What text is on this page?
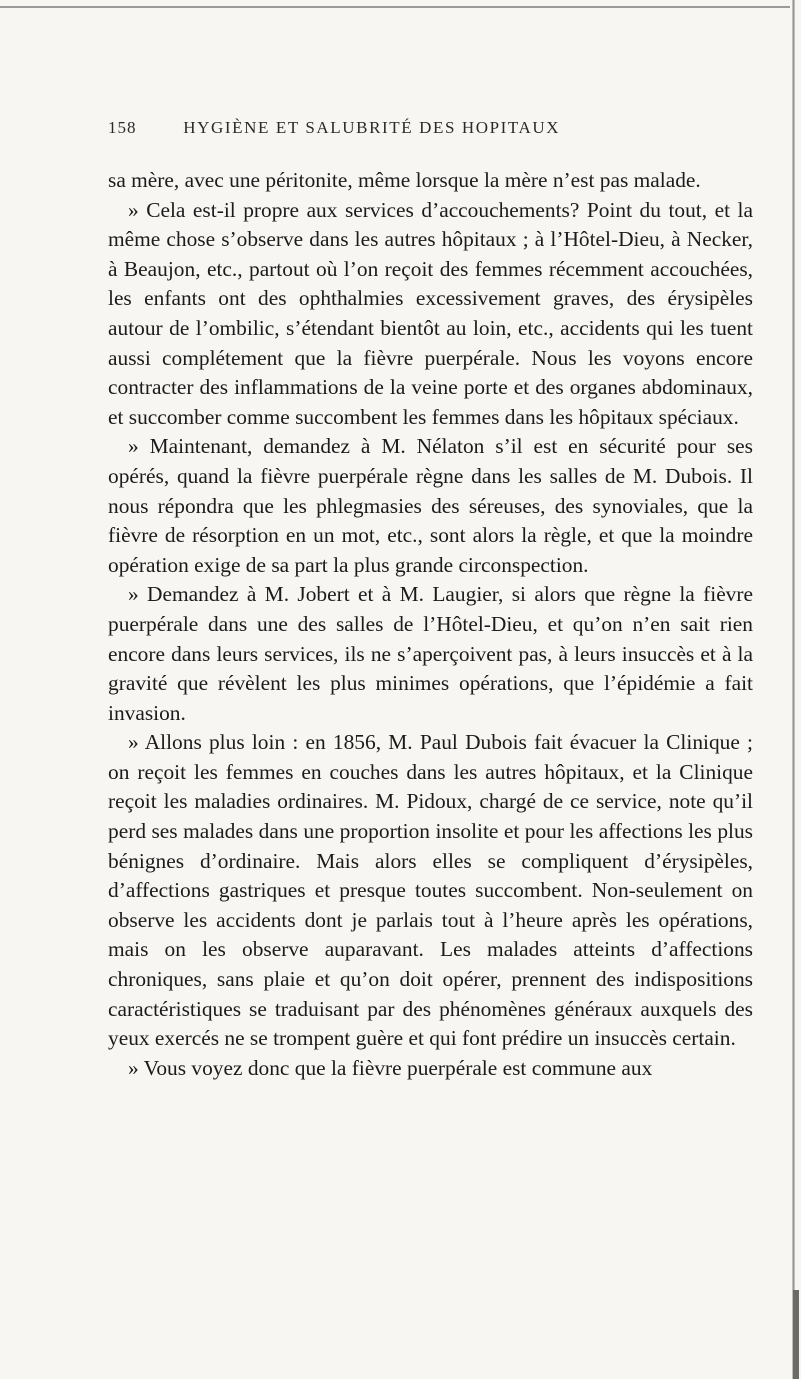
158	HYGIÈNE ET SALUBRITÉ DES HOPITAUX

sa mère, avec une péritonite, même lorsque la mère n’est pas malade.

» Cela est-il propre aux services d’accouchements? Point du tout, et la même chose s’observe dans les autres hôpitaux ; à l’Hôtel-Dieu, à Necker, à Beaujon, etc., partout où l’on reçoit des femmes récemment accouchées, les enfants ont des ophthalmies excessivement graves, des érysipèles autour de l’ombilic, s’étendant bientôt au loin, etc., accidents qui les tuent aussi complétement que la fièvre puerpérale. Nous les voyons encore contracter des inflammations de la veine porte et des organes abdominaux, et succomber comme succombent les femmes dans les hôpitaux spéciaux.

» Maintenant, demandez à M. Nélaton s’il est en sécurité pour ses opérés, quand la fièvre puerpérale règne dans les salles de M. Dubois. Il nous répondra que les phlegmasies des séreuses, des synoviales, que la fièvre de résorption en un mot, etc., sont alors la règle, et que la moindre opération exige de sa part la plus grande circonspection.

» Demandez à M. Jobert et à M. Laugier, si alors que règne la fièvre puerpérale dans une des salles de l’Hôtel-Dieu, et qu’on n’en sait rien encore dans leurs services, ils ne s’aperçoivent pas, à leurs insuccès et à la gravité que révèlent les plus minimes opérations, que l’épidémie a fait invasion.

» Allons plus loin : en 1856, M. Paul Dubois fait évacuer la Clinique ; on reçoit les femmes en couches dans les autres hôpitaux, et la Clinique reçoit les maladies ordinaires. M. Pidoux, chargé de ce service, note qu’il perd ses malades dans une proportion insolite et pour les affections les plus bénignes d’ordinaire. Mais alors elles se compliquent d’érysipèles, d’affections gastriques et presque toutes succombent. Non-seulement on observe les accidents dont je parlais tout à l’heure après les opérations, mais on les observe auparavant. Les malades atteints d’affections chroniques, sans plaie et qu’on doit opérer, prennent des indispositions caractéristiques se traduisant par des phénomènes généraux auxquels des yeux exercés ne se trompent guère et qui font prédire un insuccès certain.

» Vous voyez donc que la fièvre puerpérale est commune aux
